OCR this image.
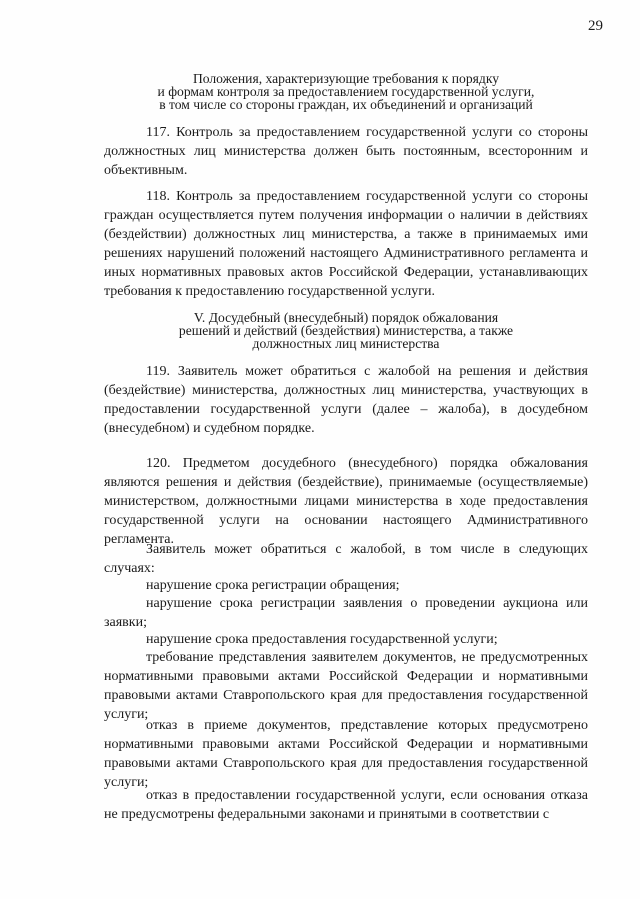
29
Положения, характеризующие требования к порядку
и формам контроля за предоставлением государственной услуги,
в том числе со стороны граждан, их объединений и организаций
117. Контроль за предоставлением государственной услуги со стороны должностных лиц министерства должен быть постоянным, всесторонним и объективным.
118. Контроль за предоставлением государственной услуги со стороны граждан осуществляется путем получения информации о наличии в действиях (бездействии) должностных лиц министерства, а также в принимаемых ими решениях нарушений положений настоящего Административного регламента и иных нормативных правовых актов Российской Федерации, устанавливающих требования к предоставлению государственной услуги.
V. Досудебный (внесудебный) порядок обжалования
решений и действий (бездействия) министерства, а также
должностных лиц министерства
119. Заявитель может обратиться с жалобой на решения и действия (бездействие) министерства, должностных лиц министерства, участвующих в предоставлении государственной услуги (далее – жалоба), в досудебном (внесудебном) и судебном порядке.
120. Предметом досудебного (внесудебного) порядка обжалования являются решения и действия (бездействие), принимаемые (осуществляемые) министерством, должностными лицами министерства в ходе предоставления государственной услуги на основании настоящего Административного регламента.
Заявитель может обратиться с жалобой, в том числе в следующих случаях:
нарушение срока регистрации обращения;
нарушение срока регистрации заявления о проведении аукциона или заявки;
нарушение срока предоставления государственной услуги;
требование представления заявителем документов, не предусмотренных нормативными правовыми актами Российской Федерации и нормативными правовыми актами Ставропольского края для предоставления государственной услуги;
отказ в приеме документов, представление которых предусмотрено нормативными правовыми актами Российской Федерации и нормативными правовыми актами Ставропольского края для предоставления государственной услуги;
отказ в предоставлении государственной услуги, если основания отказа не предусмотрены федеральными законами и принятыми в соответствии с
